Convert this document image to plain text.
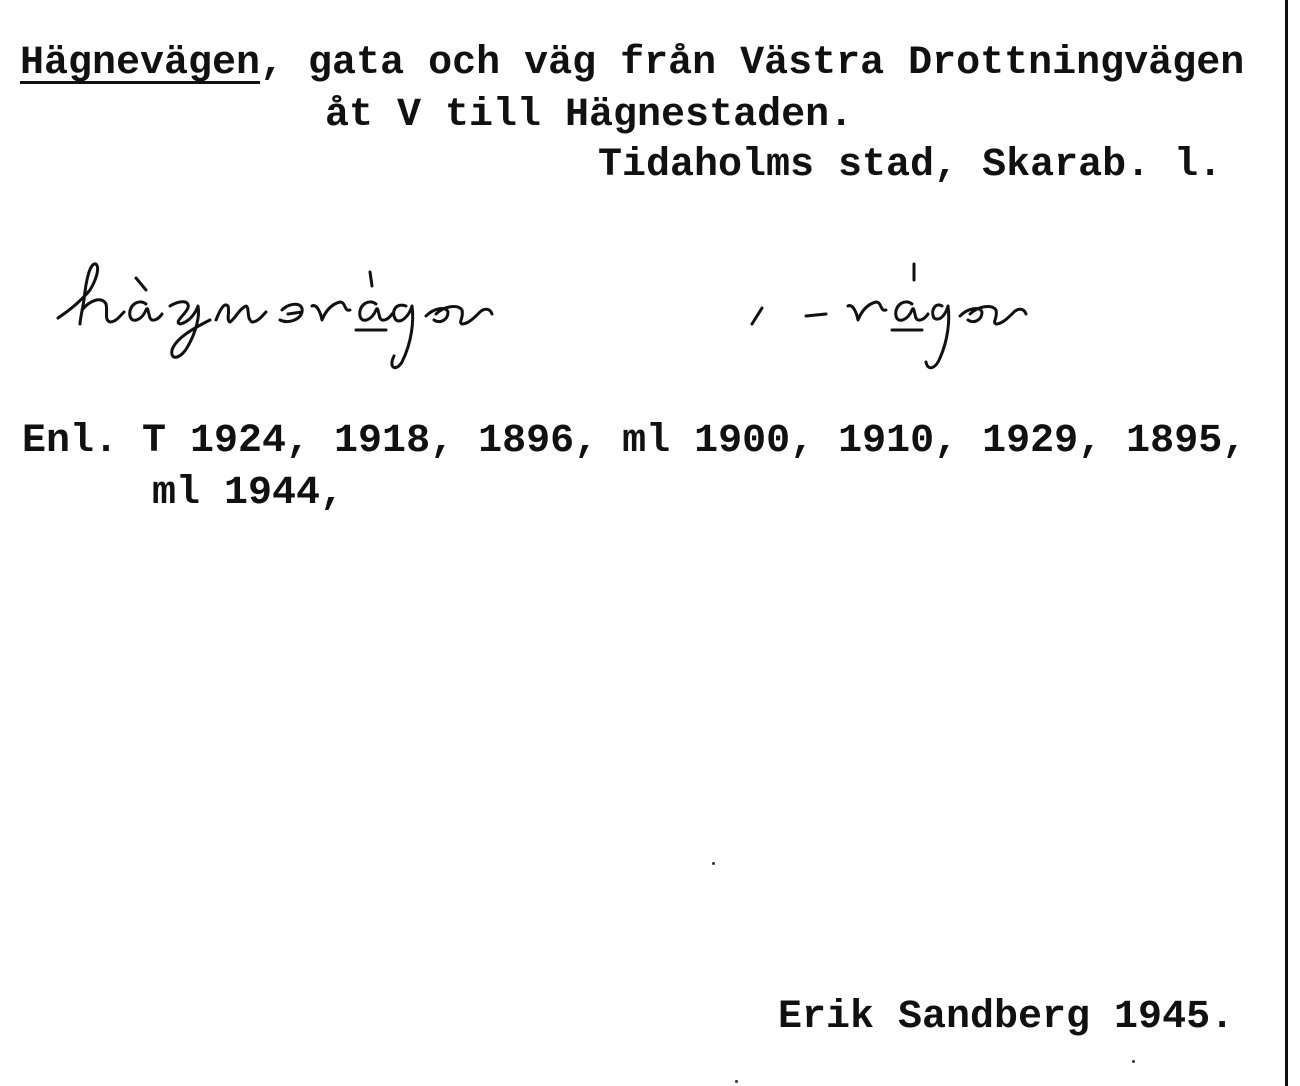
Hägnevägen, gata och väg från Västra Drottningvägen
åt V till Hägnestaden.
Tidaholms stad, Skarab. l.
Enl. T 1924, 1918, 1896, ml 1900, 1910, 1929, 1895,
ml 1944,
Erik Sandberg 1945.
